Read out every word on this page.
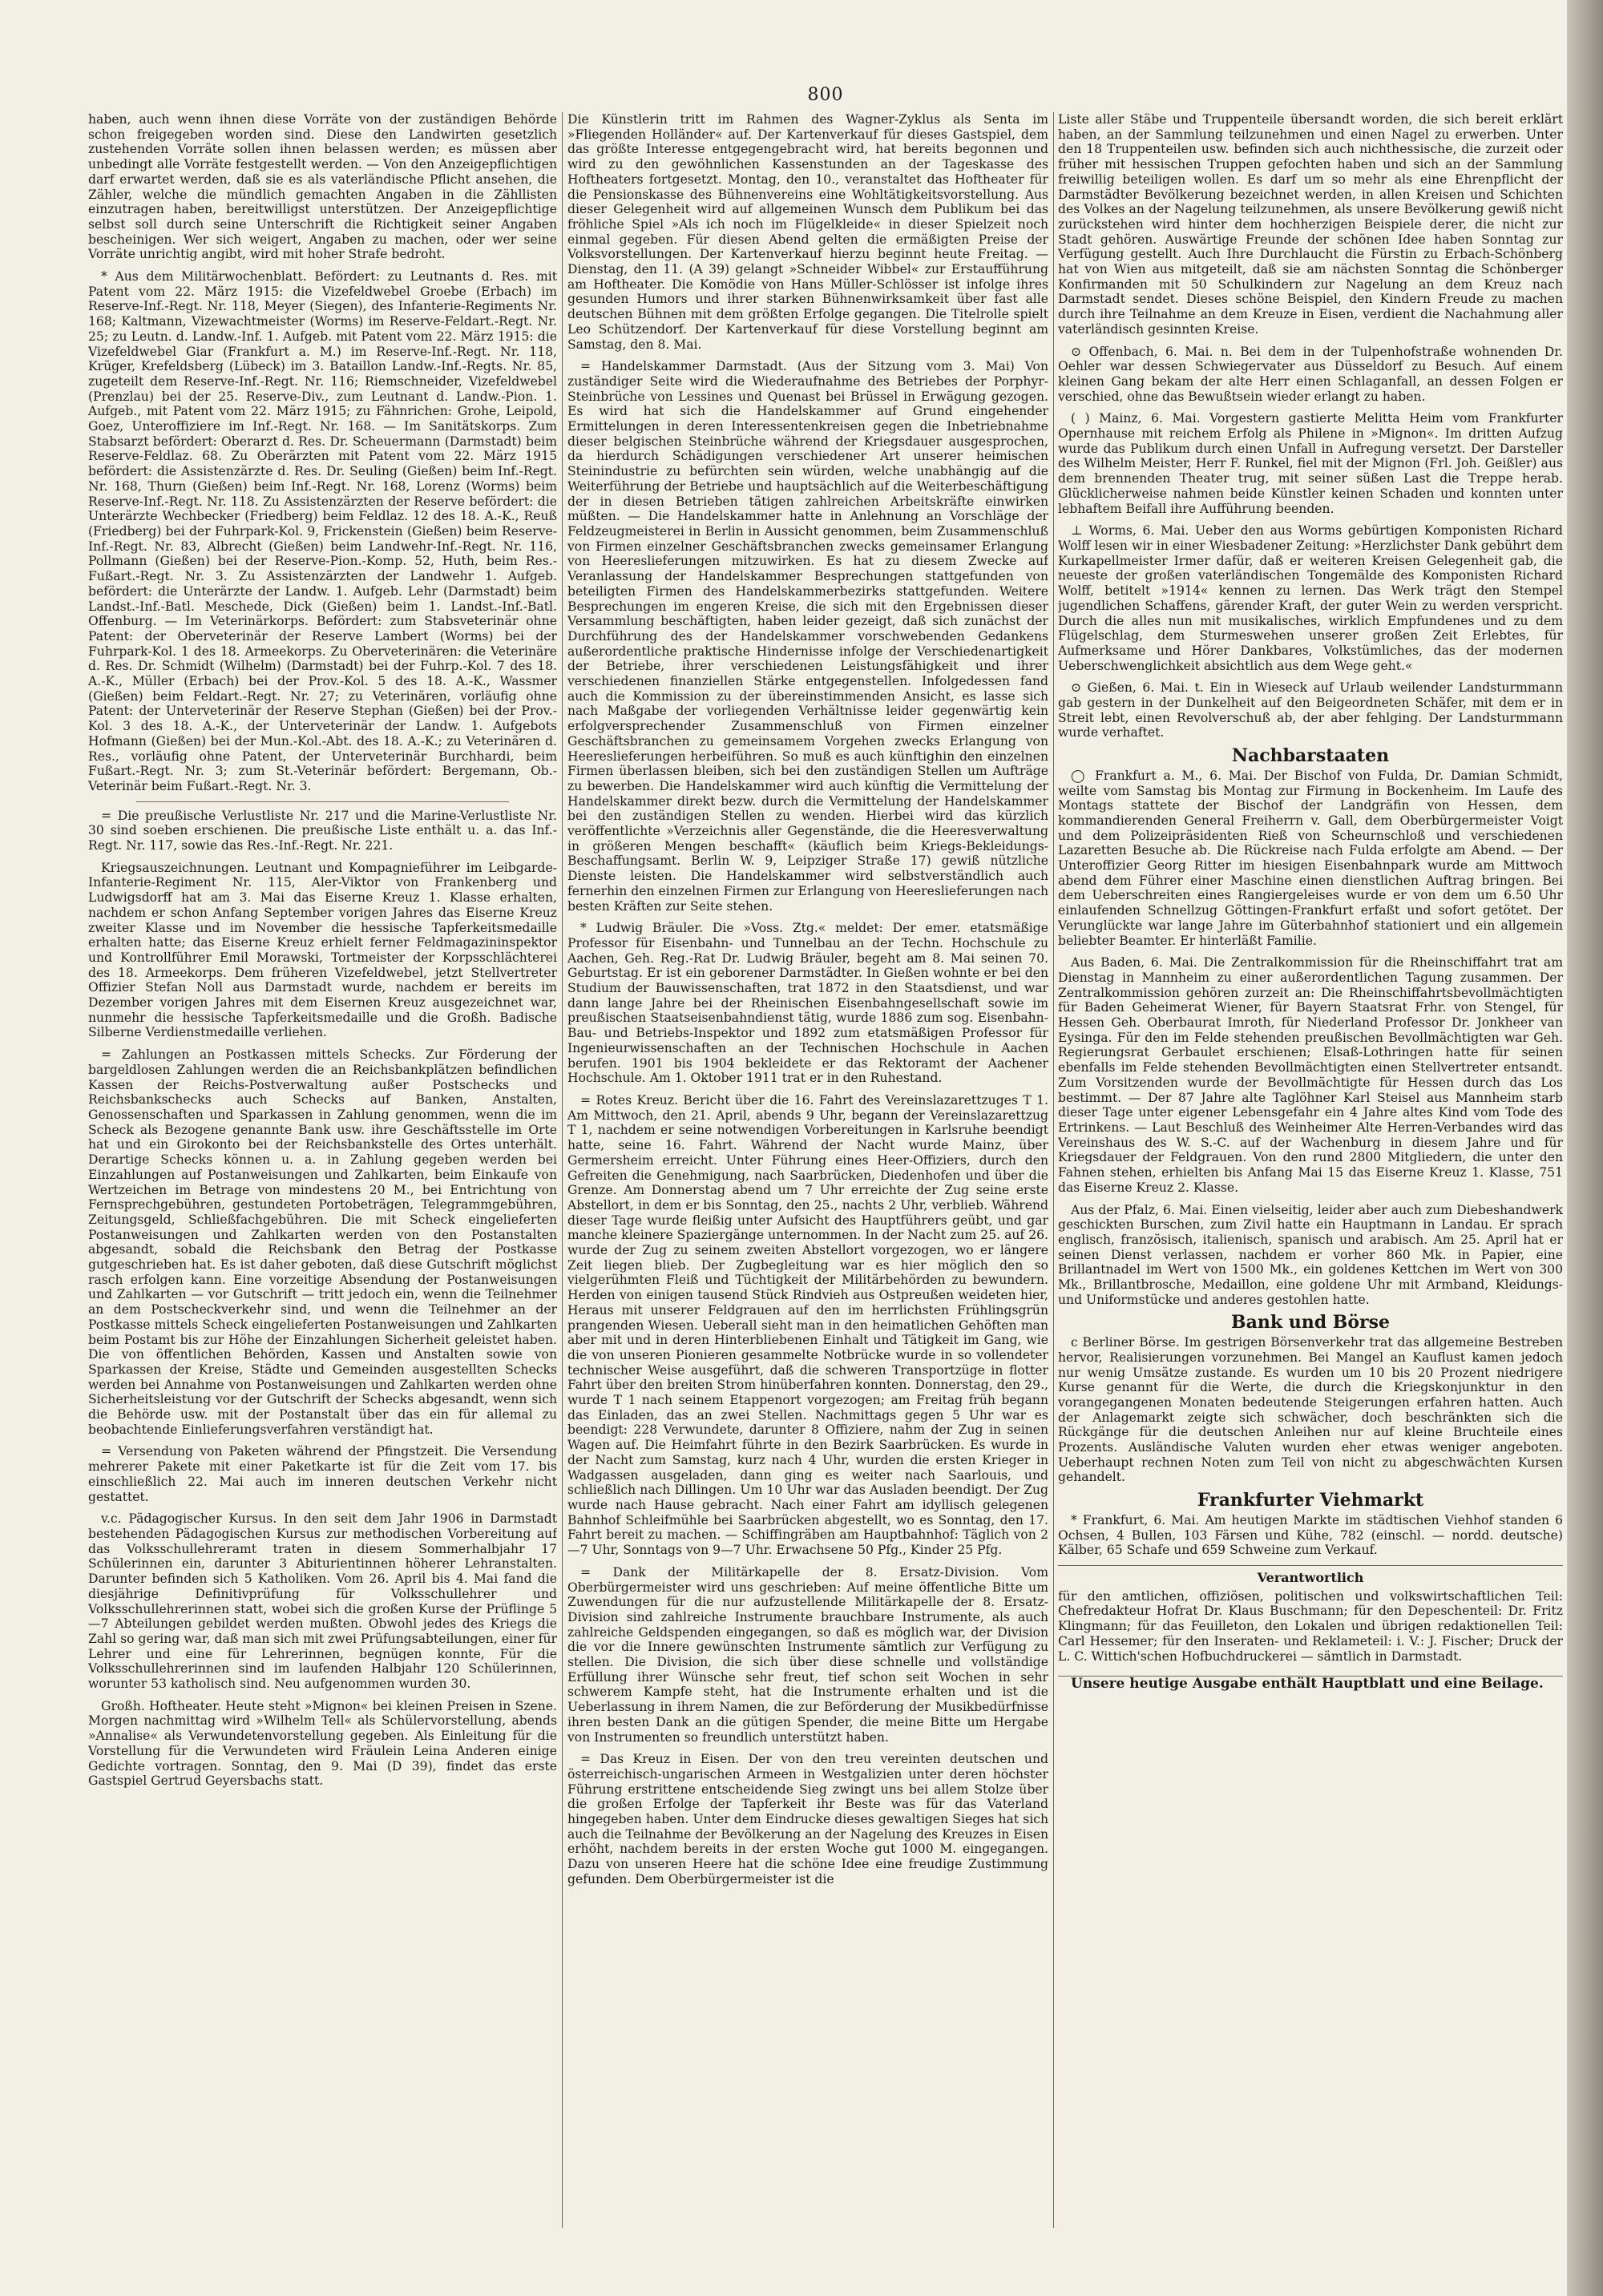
800

haben, auch wenn ihnen diese Vorräte von der zuständigen Behörde schon freigegeben worden sind. Diese den Landwirten gesetzlich zustehenden Vorräte sollen ihnen belassen werden; es müssen aber unbedingt alle Vorräte festgestellt werden. — Von den Anzeigepflichtigen darf erwartet werden, daß sie es als vaterländische Pflicht ansehen, die Zähler, welche die mündlich gemachten Angaben in die Zähllisten einzutragen haben, bereitwilligst unterstützen. Der Anzeigepflichtige selbst soll durch seine Unterschrift die Richtigkeit seiner Angaben bescheinigen. Wer sich weigert, Angaben zu machen, oder wer seine Vorräte unrichtig angibt, wird mit hoher Strafe bedroht.

* Aus dem Militärwochenblatt. Befördert: zu Leutnants d. Res. mit Patent vom 22. März 1915: die Vizefeldwebel Groebe (Erbach) im Reserve-Inf.-Regt. Nr. 118, Meyer (Siegen), des Infanterie-Regiments Nr. 168; Kaltmann, Vizewachtmeister (Worms) im Reserve-Feldart.-Regt. Nr. 25; zu Leutn. d. Landw.-Inf. 1. Aufgeb. mit Patent vom 22. März 1915: die Vizefeldwebel Giar (Frankfurt a. M.) im Reserve-Inf.-Regt. Nr. 118, Krüger, Krefeldsberg (Lübeck) im 3. Bataillon Landw.-Inf.-Regts. Nr. 85, zugeteilt dem Reserve-Inf.-Regt. Nr. 116; Riemschneider, Vizefeldwebel (Prenzlau) bei der 25. Reserve-Div., zum Leutnant d. Landw.-Pion. 1. Aufgeb., mit Patent vom 22. März 1915; zu Fähnrichen: Grohe, Leipold, Goez, Unteroffiziere im Inf.-Regt. Nr. 168. — Im Sanitätskorps. Zum Stabsarzt befördert: Oberarzt d. Res. Dr. Scheuermann (Darmstadt) beim Reserve-Feldlaz. 68. Zu Oberärzten mit Patent vom 22. März 1915 befördert: die Assistenzärzte d. Res. Dr. Seuling (Gießen) beim Inf.-Regt. Nr. 168, Thurn (Gießen) beim Inf.-Regt. Nr. 168, Lorenz (Worms) beim Reserve-Inf.-Regt. Nr. 118. Zu Assistenzärzten der Reserve befördert: die Unterärzte Wechbecker (Friedberg) beim Feldlaz. 12 des 18. A.-K., Reuß (Friedberg) bei der Fuhrpark-Kol. 9, Frickenstein (Gießen) beim Reserve-Inf.-Regt. Nr. 83, Albrecht (Gießen) beim Landwehr-Inf.-Regt. Nr. 116, Pollmann (Gießen) bei der Reserve-Pion.-Komp. 52, Huth, beim Res.-Fußart.-Regt. Nr. 3. Zu Assistenzärzten der Landwehr 1. Aufgeb. befördert: die Unterärzte der Landw. 1. Aufgeb. Lehr (Darmstadt) beim Landst.-Inf.-Batl. Meschede, Dick (Gießen) beim 1. Landst.-Inf.-Batl. Offenburg. — Im Veterinärkorps. Befördert: zum Stabsveterinär ohne Patent: der Oberveterinär der Reserve Lambert (Worms) bei der Fuhrpark-Kol. 1 des 18. Armeekorps. Zu Oberveterinären: die Veterinäre d. Res. Dr. Schmidt (Wilhelm) (Darmstadt) bei der Fuhrp.-Kol. 7 des 18. A.-K., Müller (Erbach) bei der Prov.-Kol. 5 des 18. A.-K., Wassmer (Gießen) beim Feldart.-Regt. Nr. 27; zu Veterinären, vorläufig ohne Patent: der Unterveterinär der Reserve Stephan (Gießen) bei der Prov.-Kol. 3 des 18. A.-K., der Unterveterinär der Landw. 1. Aufgebots Hofmann (Gießen) bei der Mun.-Kol.-Abt. des 18. A.-K.; zu Veterinären d. Res., vorläufig ohne Patent, der Unterveterinär Burchhardi, beim Fußart.-Regt. Nr. 3; zum St.-Veterinär befördert: Bergemann, Ob.-Veterinär beim Fußart.-Regt. Nr. 3.

= Die preußische Verlustliste Nr. 217 und die Marine-Verlustliste Nr. 30 sind soeben erschienen. Die preußische Liste enthält u. a. das Inf.-Regt. Nr. 117, sowie das Res.-Inf.-Regt. Nr. 221.

Kriegsauszeichnungen. Leutnant und Kompagnieführer im Leibgarde-Infanterie-Regiment Nr. 115, Aler-Viktor von Frankenberg und Ludwigsdorff hat am 3. Mai das Eiserne Kreuz 1. Klasse erhalten, nachdem er schon Anfang September vorigen Jahres das Eiserne Kreuz zweiter Klasse und im November die hessische Tapferkeitsmedaille erhalten hatte; das Eiserne Kreuz erhielt ferner Feldmagazininspektor und Kontrollführer Emil Morawski, Tortmeister der Korpsschlächterei des 18. Armeekorps. Dem früheren Vizefeldwebel, jetzt Stellvertreter Offizier Stefan Noll aus Darmstadt wurde, nachdem er bereits im Dezember vorigen Jahres mit dem Eisernen Kreuz ausgezeichnet war, nunmehr die hessische Tapferkeitsmedaille und die Großh. Badische Silberne Verdienstmedaille verliehen.

= Zahlungen an Postkassen mittels Schecks. Zur Förderung der bargeldlosen Zahlungen werden die an Reichsbankplätzen befindlichen Kassen der Reichs-Postverwaltung außer Postschecks und Reichsbankschecks auch Schecks auf Banken, Anstalten, Genossenschaften und Sparkassen in Zahlung genommen, wenn die im Scheck als Bezogene genannte Bank usw. ihre Geschäftsstelle im Orte hat und ein Girokonto bei der Reichsbankstelle des Ortes unterhält. Derartige Schecks können u. a. in Zahlung gegeben werden bei Einzahlungen auf Postanweisungen und Zahlkarten, beim Einkaufe von Wertzeichen im Betrage von mindestens 20 M., bei Entrichtung von Fernsprechgebühren, gestundeten Portobeträgen, Telegrammgebühren, Zeitungsgeld, Schließfachgebühren. Die mit Scheck eingelieferten Postanweisungen und Zahlkarten werden von den Postanstalten abgesandt, sobald die Reichsbank den Betrag der Postkasse gutgeschrieben hat. Es ist daher geboten, daß diese Gutschrift möglichst rasch erfolgen kann. Eine vorzeitige Absendung der Postanweisungen und Zahlkarten — vor Gutschrift — tritt jedoch ein, wenn die Teilnehmer an dem Postscheckverkehr sind, und wenn die Teilnehmer an der Postkasse mittels Scheck eingelieferten Postanweisungen und Zahlkarten beim Postamt bis zur Höhe der Einzahlungen Sicherheit geleistet haben. Die von öffentlichen Behörden, Kassen und Anstalten sowie von Sparkassen der Kreise, Städte und Gemeinden ausgestellten Schecks werden bei Annahme von Postanweisungen und Zahlkarten werden ohne Sicherheitsleistung vor der Gutschrift der Schecks abgesandt, wenn sich die Behörde usw. mit der Postanstalt über das ein für allemal zu beobachtende Einlieferungsverfahren verständigt hat.

= Versendung von Paketen während der Pfingstzeit. Die Versendung mehrerer Pakete mit einer Paketkarte ist für die Zeit vom 17. bis einschließlich 22. Mai auch im inneren deutschen Verkehr nicht gestattet.

v.c. Pädagogischer Kursus. In den seit dem Jahr 1906 in Darmstadt bestehenden Pädagogischen Kursus zur methodischen Vorbereitung auf das Volksschullehreramt traten in diesem Sommerhalbjahr 17 Schülerinnen ein, darunter 3 Abiturientinnen höherer Lehranstalten. Darunter befinden sich 5 Katholiken. Vom 26. April bis 4. Mai fand die diesjährige Definitivprüfung für Volksschullehrer und Volksschullehrerinnen statt, wobei sich die großen Kurse der Prüflinge 5—7 Abteilungen gebildet werden mußten. Obwohl jedes des Kriegs die Zahl so gering war, daß man sich mit zwei Prüfungsabteilungen, einer für Lehrer und eine für Lehrerinnen, begnügen konnte, Für die Volksschullehrerinnen sind im laufenden Halbjahr 120 Schülerinnen, worunter 53 katholisch sind. Neu aufgenommen wurden 30.

Großh. Hoftheater. Heute steht »Mignon« bei kleinen Preisen in Szene. Morgen nachmittag wird »Wilhelm Tell« als Schülervorstellung, abends »Annalise« als Verwundetenvorstellung gegeben. Als Einleitung für die Vorstellung für die Verwundeten wird Fräulein Leina Anderen einige Gedichte vortragen. Sonntag, den 9. Mai (D 39), findet das erste Gastspiel Gertrud Geyersbachs statt.

Die Künstlerin tritt im Rahmen des Wagner-Zyklus als Senta im »Fliegenden Holländer« auf. Der Kartenverkauf für dieses Gastspiel, dem das größte Interesse entgegengebracht wird, hat bereits begonnen und wird zu den gewöhnlichen Kassenstunden an der Tageskasse des Hoftheaters fortgesetzt. Montag, den 10., veranstaltet das Hoftheater für die Pensionskasse des Bühnenvereins eine Wohltätigkeitsvorstellung. Aus dieser Gelegenheit wird auf allgemeinen Wunsch dem Publikum bei das fröhliche Spiel »Als ich noch im Flügelkleide« in dieser Spielzeit noch einmal gegeben. Für diesen Abend gelten die ermäßigten Preise der Volksvorstellungen. Der Kartenverkauf hierzu beginnt heute Freitag. — Dienstag, den 11. (A 39) gelangt »Schneider Wibbel« zur Erstaufführung am Hoftheater. Die Komödie von Hans Müller-Schlösser ist infolge ihres gesunden Humors und ihrer starken Bühnenwirksamkeit über fast alle deutschen Bühnen mit dem größten Erfolge gegangen. Die Titelrolle spielt Leo Schützendorf. Der Kartenverkauf für diese Vorstellung beginnt am Samstag, den 8. Mai.

= Handelskammer Darmstadt. (Aus der Sitzung vom 3. Mai) Von zuständiger Seite wird die Wiederaufnahme des Betriebes der Porphyr-Steinbrüche von Lessines und Quenast bei Brüssel in Erwägung gezogen. Es wird hat sich die Handelskammer auf Grund eingehender Ermittelungen in deren Interessentenkreisen gegen die Inbetriebnahme dieser belgischen Steinbrüche während der Kriegsdauer ausgesprochen, da hierdurch Schädigungen verschiedener Art unserer heimischen Steinindustrie zu befürchten sein würden, welche unabhängig auf die Weiterführung der Betriebe und hauptsächlich auf die Weiterbeschäftigung der in diesen Betrieben tätigen zahlreichen Arbeitskräfte einwirken müßten. — Die Handelskammer hatte in Anlehnung an Vorschläge der Feldzeugmeisterei in Berlin in Aussicht genommen, beim Zusammenschluß von Firmen einzelner Geschäftsbranchen zwecks gemeinsamer Erlangung von Heereslieferungen mitzuwirken. Es hat zu diesem Zwecke auf Veranlassung der Handelskammer Besprechungen stattgefunden von beteiligten Firmen des Handelskammerbezirks stattgefunden. Weitere Besprechungen im engeren Kreise, die sich mit den Ergebnissen dieser Versammlung beschäftigten, haben leider gezeigt, daß sich zunächst der Durchführung des der Handelskammer vorschwebenden Gedankens außerordentliche praktische Hindernisse infolge der Verschiedenartigkeit der Betriebe, ihrer verschiedenen Leistungsfähigkeit und ihrer verschiedenen finanziellen Stärke entgegenstellen. Infolgedessen fand auch die Kommission zu der übereinstimmenden Ansicht, es lasse sich nach Maßgabe der vorliegenden Verhältnisse leider gegenwärtig kein erfolgversprechender Zusammenschluß von Firmen einzelner Geschäftsbranchen zu gemeinsamem Vorgehen zwecks Erlangung von Heereslieferungen herbeiführen. So muß es auch künftighin den einzelnen Firmen überlassen bleiben, sich bei den zuständigen Stellen um Aufträge zu bewerben. Die Handelskammer wird auch künftig die Vermittelung der Handelskammer direkt bezw. durch die Vermittelung der Handelskammer bei den zuständigen Stellen zu wenden. Hierbei wird das kürzlich veröffentlichte »Verzeichnis aller Gegenstände, die die Heeresverwaltung in größeren Mengen beschafft« (käuflich beim Kriegs-Bekleidungs-Beschaffungsamt. Berlin W. 9, Leipziger Straße 17) gewiß nützliche Dienste leisten. Die Handelskammer wird selbstverständlich auch fernerhin den einzelnen Firmen zur Erlangung von Heereslieferungen nach besten Kräften zur Seite stehen.

* Ludwig Bräuler. Die »Voss. Ztg.« meldet: Der emer. etatsmäßige Professor für Eisenbahn- und Tunnelbau an der Techn. Hochschule zu Aachen, Geh. Reg.-Rat Dr. Ludwig Bräuler, begeht am 8. Mai seinen 70. Geburtstag. Er ist ein geborener Darmstädter. In Gießen wohnte er bei den Studium der Bauwissenschaften, trat 1872 in den Staatsdienst, und war dann lange Jahre bei der Rheinischen Eisenbahngesellschaft sowie im preußischen Staatseisenbahndienst tätig, wurde 1886 zum sog. Eisenbahn-Bau- und Betriebs-Inspektor und 1892 zum etatsmäßigen Professor für Ingenieurwissenschaften an der Technischen Hochschule in Aachen berufen. 1901 bis 1904 bekleidete er das Rektoramt der Aachener Hochschule. Am 1. Oktober 1911 trat er in den Ruhestand.

= Rotes Kreuz. Bericht über die 16. Fahrt des Vereinslazarettzuges T 1. Am Mittwoch, den 21. April, abends 9 Uhr, begann der Vereinslazarettzug T 1, nachdem er seine notwendigen Vorbereitungen in Karlsruhe beendigt hatte, seine 16. Fahrt. Während der Nacht wurde Mainz, über Germersheim erreicht. Unter Führung eines Heer-Offiziers, durch den Gefreiten die Genehmigung, nach Saarbrücken, Diedenhofen und über die Grenze. Am Donnerstag abend um 7 Uhr erreichte der Zug seine erste Abstellort, in dem er bis Sonntag, den 25., nachts 2 Uhr, verblieb. Während dieser Tage wurde fleißig unter Aufsicht des Hauptführers geübt, und gar manche kleinere Spaziergänge unternommen. In der Nacht zum 25. auf 26. wurde der Zug zu seinem zweiten Abstellort vorgezogen, wo er längere Zeit liegen blieb. Der Zugbegleitung war es hier möglich den so vielgerühmten Fleiß und Tüchtigkeit der Militärbehörden zu bewundern. Herden von einigen tausend Stück Rindvieh aus Ostpreußen weideten hier, Heraus mit unserer Feldgrauen auf den im herrlichsten Frühlingsgrün prangenden Wiesen. Ueberall sieht man in den heimatlichen Gehöften man aber mit und in deren Hinterbliebenen Einhalt und Tätigkeit im Gang, wie die von unseren Pionieren gesammelte Notbrücke wurde in so vollendeter technischer Weise ausgeführt, daß die schweren Transportzüge in flotter Fahrt über den breiten Strom hinüberfahren konnten. Donnerstag, den 29., wurde T 1 nach seinem Etappenort vorgezogen; am Freitag früh begann das Einladen, das an zwei Stellen. Nachmittags gegen 5 Uhr war es beendigt: 228 Verwundete, darunter 8 Offiziere, nahm der Zug in seinen Wagen auf. Die Heimfahrt führte in den Bezirk Saarbrücken. Es wurde in der Nacht zum Samstag, kurz nach 4 Uhr, wurden die ersten Krieger in Wadgassen ausgeladen, dann ging es weiter nach Saarlouis, und schließlich nach Dillingen. Um 10 Uhr war das Ausladen beendigt. Der Zug wurde nach Hause gebracht. Nach einer Fahrt am idyllisch gelegenen Bahnhof Schleifmühle bei Saarbrücken abgestellt, wo es Sonntag, den 17. Fahrt bereit zu machen. — Schiffingräben am Hauptbahnhof: Täglich von 2—7 Uhr, Sonntags von 9—7 Uhr. Erwachsene 50 Pfg., Kinder 25 Pfg.

= Dank der Militärkapelle der 8. Ersatz-Division. Vom Oberbürgermeister wird uns geschrieben: Auf meine öffentliche Bitte um Zuwendungen für die nur aufzustellende Militärkapelle der 8. Ersatz-Division sind zahlreiche Instrumente brauchbare Instrumente, als auch zahlreiche Geldspenden eingegangen, so daß es möglich war, der Division die vor die Innere gewünschten Instrumente sämtlich zur Verfügung zu stellen. Die Division, die sich über diese schnelle und vollständige Erfüllung ihrer Wünsche sehr freut, tief schon seit Wochen in sehr schwerem Kampfe steht, hat die Instrumente erhalten und ist die Ueberlassung in ihrem Namen, die zur Beförderung der Musikbedürfnisse ihren besten Dank an die gütigen Spender, die meine Bitte um Hergabe von Instrumenten so freundlich unterstützt haben.

= Das Kreuz in Eisen. Der von den treu vereinten deutschen und österreichisch-ungarischen Armeen in Westgalizien unter deren höchster Führung erstrittene entscheidende Sieg zwingt uns bei allem Stolze über die großen Erfolge der Tapferkeit ihr Beste was für das Vaterland hingegeben haben. Unter dem Eindrucke dieses gewaltigen Sieges hat sich auch die Teilnahme der Bevölkerung an der Nagelung des Kreuzes in Eisen erhöht, nachdem bereits in der ersten Woche gut 1000 M. eingegangen. Dazu von unseren Heere hat die schöne Idee eine freudige Zustimmung gefunden. Dem Oberbürgermeister ist die

Liste aller Stäbe und Truppenteile übersandt worden, die sich bereit erklärt haben, an der Sammlung teilzunehmen und einen Nagel zu erwerben. Unter den 18 Truppenteilen usw. befinden sich auch nichthessische, die zurzeit oder früher mit hessischen Truppen gefochten haben und sich an der Sammlung freiwillig beteiligen wollen. Es darf um so mehr als eine Ehrenpflicht der Darmstädter Bevölkerung bezeichnet werden, in allen Kreisen und Schichten des Volkes an der Nagelung teilzunehmen, als unsere Bevölkerung gewiß nicht zurückstehen wird hinter dem hochherzigen Beispiele derer, die nicht zur Stadt gehören. Auswärtige Freunde der schönen Idee haben Sonntag zur Verfügung gestellt. Auch Ihre Durchlaucht die Fürstin zu Erbach-Schönberg hat von Wien aus mitgeteilt, daß sie am nächsten Sonntag die Schönberger Konfirmanden mit 50 Schulkindern zur Nagelung an dem Kreuz nach Darmstadt sendet. Dieses schöne Beispiel, den Kindern Freude zu machen durch ihre Teilnahme an dem Kreuze in Eisen, verdient die Nachahmung aller vaterländisch gesinnten Kreise.

⊙ Offenbach, 6. Mai. n. Bei dem in der Tulpenhofstraße wohnenden Dr. Oehler war dessen Schwiegervater aus Düsseldorf zu Besuch. Auf einem kleinen Gang bekam der alte Herr einen Schlaganfall, an dessen Folgen er verschied, ohne das Bewußtsein wieder erlangt zu haben.

( ) Mainz, 6. Mai. Vorgestern gastierte Melitta Heim vom Frankfurter Opernhause mit reichem Erfolg als Philene in »Mignon«. Im dritten Aufzug wurde das Publikum durch einen Unfall in Aufregung versetzt. Der Darsteller des Wilhelm Meister, Herr F. Runkel, fiel mit der Mignon (Frl. Joh. Geißler) aus dem brennenden Theater trug, mit seiner süßen Last die Treppe herab. Glücklicherweise nahmen beide Künstler keinen Schaden und konnten unter lebhaftem Beifall ihre Aufführung beenden.

⊥ Worms, 6. Mai. Ueber den aus Worms gebürtigen Komponisten Richard Wolff lesen wir in einer Wiesbadener Zeitung: »Herzlichster Dank gebührt dem Kurkapellmeister Irmer dafür, daß er weiteren Kreisen Gelegenheit gab, die neueste der großen vaterländischen Tongemälde des Komponisten Richard Wolff, betitelt »1914« kennen zu lernen. Das Werk trägt den Stempel jugendlichen Schaffens, gärender Kraft, der guter Wein zu werden verspricht. Durch die alles nun mit musikalisches, wirklich Empfundenes und zu dem Flügelschlag, dem Sturmeswehen unserer großen Zeit Erlebtes, für Aufmerksame und Hörer Dankbares, Volkstümliches, das der modernen Ueberschwenglichkeit absichtlich aus dem Wege geht.«

⊙ Gießen, 6. Mai. t. Ein in Wieseck auf Urlaub weilender Landsturmmann gab gestern in der Dunkelheit auf den Beigeordneten Schäfer, mit dem er in Streit lebt, einen Revolverschuß ab, der aber fehlging. Der Landsturmmann wurde verhaftet.

Nachbarstaaten

◯ Frankfurt a. M., 6. Mai. Der Bischof von Fulda, Dr. Damian Schmidt, weilte vom Samstag bis Montag zur Firmung in Bockenheim. Im Laufe des Montags stattete der Bischof der Landgräfin von Hessen, dem kommandierenden General Freiherrn v. Gall, dem Oberbürgermeister Voigt und dem Polizeipräsidenten Rieß von Scheurnschloß und verschiedenen Lazaretten Besuche ab. Die Rückreise nach Fulda erfolgte am Abend. — Der Unteroffizier Georg Ritter im hiesigen Eisenbahnpark wurde am Mittwoch abend dem Führer einer Maschine einen dienstlichen Auftrag bringen. Bei dem Ueberschreiten eines Rangiergeleises wurde er von dem um 6.50 Uhr einlaufenden Schnellzug Göttingen-Frankfurt erfaßt und sofort getötet. Der Verunglückte war lange Jahre im Güterbahnhof stationiert und ein allgemein beliebter Beamter. Er hinterläßt Familie.

Aus Baden, 6. Mai. Die Zentralkommission für die Rheinschiffahrt trat am Dienstag in Mannheim zu einer außerordentlichen Tagung zusammen. Der Zentralkommission gehören zurzeit an: Die Rheinschiffahrtsbevollmächtigten für Baden Geheimerat Wiener, für Bayern Staatsrat Frhr. von Stengel, für Hessen Geh. Oberbaurat Imroth, für Niederland Professor Dr. Jonkheer van Eysinga. Für den im Felde stehenden preußischen Bevollmächtigten war Geh. Regierungsrat Gerbaulet erschienen; Elsaß-Lothringen hatte für seinen ebenfalls im Felde stehenden Bevollmächtigten einen Stellvertreter entsandt. Zum Vorsitzenden wurde der Bevollmächtigte für Hessen durch das Los bestimmt. — Der 87 Jahre alte Taglöhner Karl Steisel aus Mannheim starb dieser Tage unter eigener Lebensgefahr ein 4 Jahre altes Kind vom Tode des Ertrinkens. — Laut Beschluß des Weinheimer Alte Herren-Verbandes wird das Vereinshaus des W. S.-C. auf der Wachenburg in diesem Jahre und für Kriegsdauer der Feldgrauen. Von den rund 2800 Mitgliedern, die unter den Fahnen stehen, erhielten bis Anfang Mai 15 das Eiserne Kreuz 1. Klasse, 751 das Eiserne Kreuz 2. Klasse.

Aus der Pfalz, 6. Mai. Einen vielseitig, leider aber auch zum Diebeshandwerk geschickten Burschen, zum Zivil hatte ein Hauptmann in Landau. Er sprach englisch, französisch, italienisch, spanisch und arabisch. Am 25. April hat er seinen Dienst verlassen, nachdem er vorher 860 Mk. in Papier, eine Brillantnadel im Wert von 1500 Mk., ein goldenes Kettchen im Wert von 300 Mk., Brillantbrosche, Medaillon, eine goldene Uhr mit Armband, Kleidungs- und Uniformstücke und anderes gestohlen hatte.

Bank und Börse

c Berliner Börse. Im gestrigen Börsenverkehr trat das allgemeine Bestreben hervor, Realisierungen vorzunehmen. Bei Mangel an Kauflust kamen jedoch nur wenig Umsätze zustande. Es wurden um 10 bis 20 Prozent niedrigere Kurse genannt für die Werte, die durch die Kriegskonjunktur in den vorangegangenen Monaten bedeutende Steigerungen erfahren hatten. Auch der Anlagemarkt zeigte sich schwächer, doch beschränkten sich die Rückgänge für die deutschen Anleihen nur auf kleine Bruchteile eines Prozents. Ausländische Valuten wurden eher etwas weniger angeboten. Ueberhaupt rechnen Noten zum Teil von nicht zu abgeschwächten Kursen gehandelt.

Frankfurter Viehmarkt

* Frankfurt, 6. Mai. Am heutigen Markte im städtischen Viehhof standen 6 Ochsen, 4 Bullen, 103 Färsen und Kühe, 782 (einschl. — nordd. deutsche) Kälber, 65 Schafe und 659 Schweine zum Verkauf.

Verantwortlich

für den amtlichen, offiziösen, politischen und volkswirtschaftlichen Teil: Chefredakteur Hofrat Dr. Klaus Buschmann; für den Depeschenteil: Dr. Fritz Klingmann; für das Feuilleton, den Lokalen und übrigen redaktionellen Teil: Carl Hessemer; für den Inseraten- und Reklameteil: i. V.: J. Fischer; Druck der L. C. Wittich'schen Hofbuchdruckerei — sämtlich in Darmstadt.

Unsere heutige Ausgabe enthält Hauptblatt und eine Beilage.
